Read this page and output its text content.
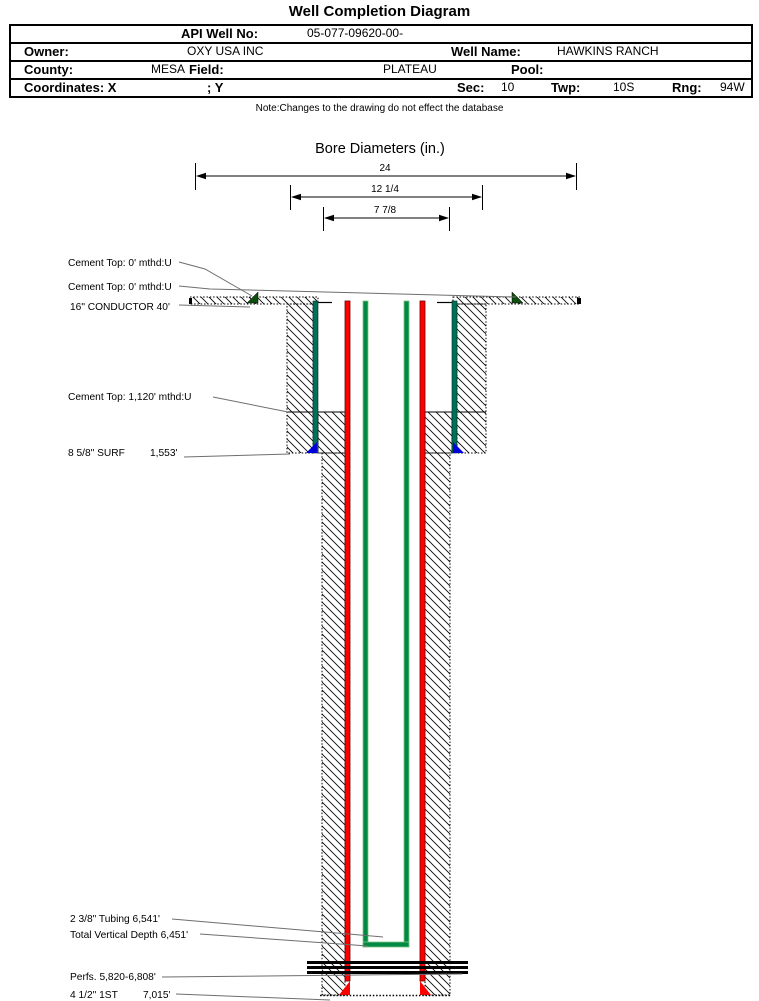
Well Completion Diagram
API Well No:	05-077-09620-00-
Owner:	OXY USA INC	Well Name:	HAWKINS RANCH
County:	MESA Field:	PLATEAU	Pool:
Coordinates: X	; Y	Sec: 10	Twp:	10S	Rng: 94W
Note:Changes to the drawing do not effect the database
Bore Diameters (in.)
24
12 1/4
7 7/8
Cement Top: 0' mthd:U
Cement Top: 0' mthd:U
16" CONDUCTOR 40'
Cement Top: 1,120' mthd:U
8 5/8" SURF 1,553'
2 3/8" Tubing 6,541'
Total Vertical Depth 6,451'
Perfs. 5,820-6,808'
4 1/2" 1ST 7,015'
